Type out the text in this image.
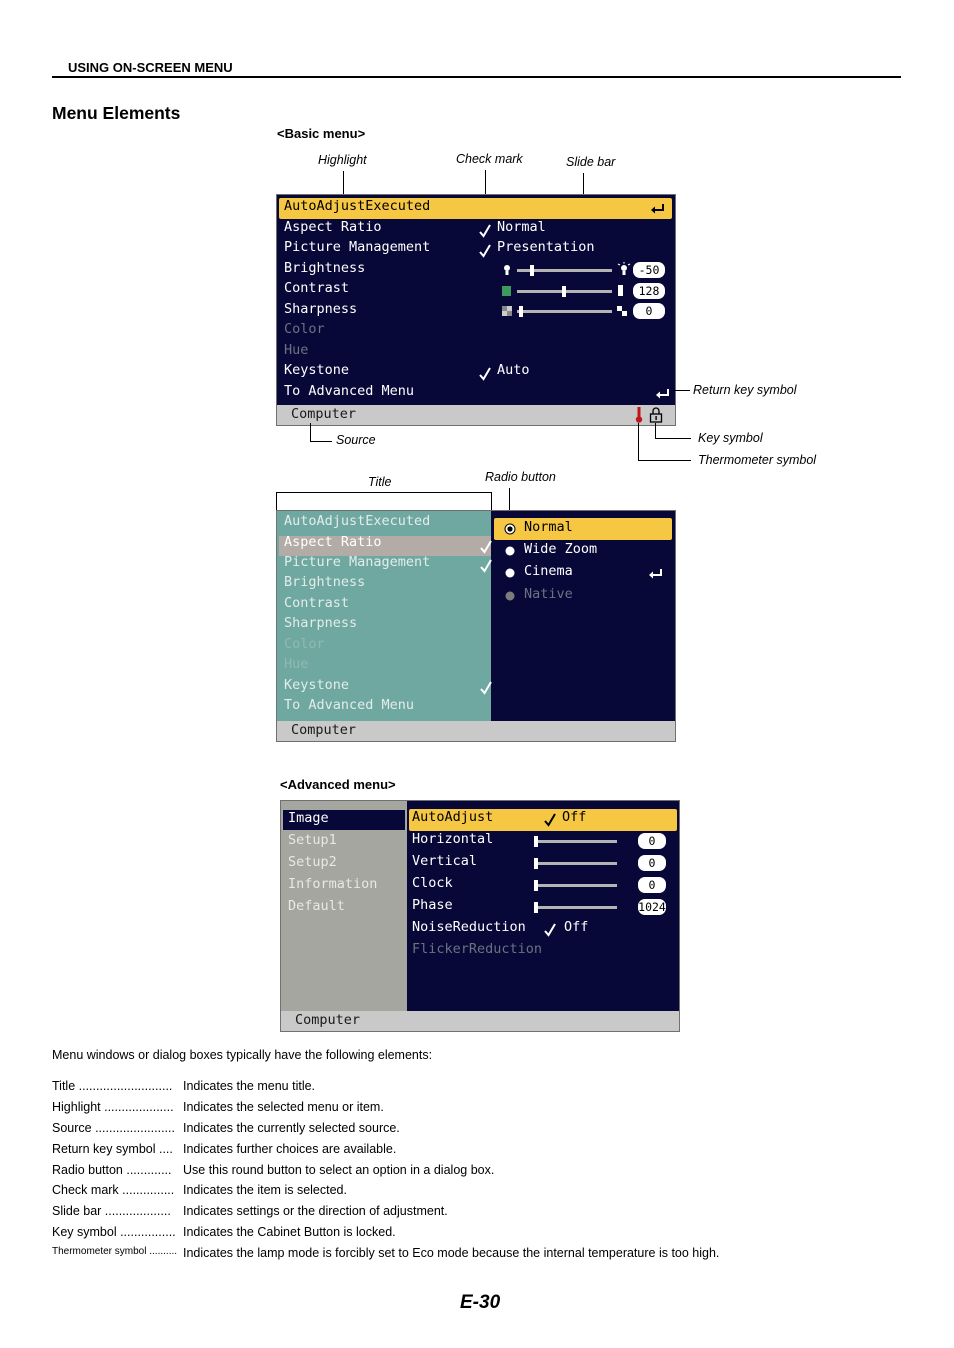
USING ON-SCREEN MENU
Menu Elements
<Basic menu>
Highlight	Check mark	Slide bar
AutoAdjustExecuted
Aspect Ratio
Picture Management
Brightness
Contrast
Sharpness
Color
Hue
Keystone
To Advanced Menu
Normal
Presentation
-50
128
0
Auto
Computer
Return key symbol
Source	Key symbol
Thermometer symbol
Title	Radio button
AutoAdjustExecuted
Aspect Ratio
Picture Management
Brightness
Contrast
Sharpness
Color
Hue
Keystone
To Advanced Menu
Normal
Wide Zoom
Cinema
Native
Computer
<Advanced menu>
Image
Setup1
Setup2
Information
Default
AutoAdjust	Off
Horizontal	0
Vertical	0
Clock	0
Phase	1024
NoiseReduction	Off
FlickerReduction
Computer
Menu windows or dialog boxes typically have the following elements:
Title ........................... Indicates the menu title.
Highlight .................... Indicates the selected menu or item.
Source ....................... Indicates the currently selected source.
Return key symbol .... Indicates further choices are available.
Radio button ............. Use this round button to select an option in a dialog box.
Check mark ............... Indicates the item is selected.
Slide bar ................... Indicates settings or the direction of adjustment.
Key symbol ................ Indicates the Cabinet Button is locked.
Thermometer symbol .......... Indicates the lamp mode is forcibly set to Eco mode because the internal temperature is too high.
E-30
